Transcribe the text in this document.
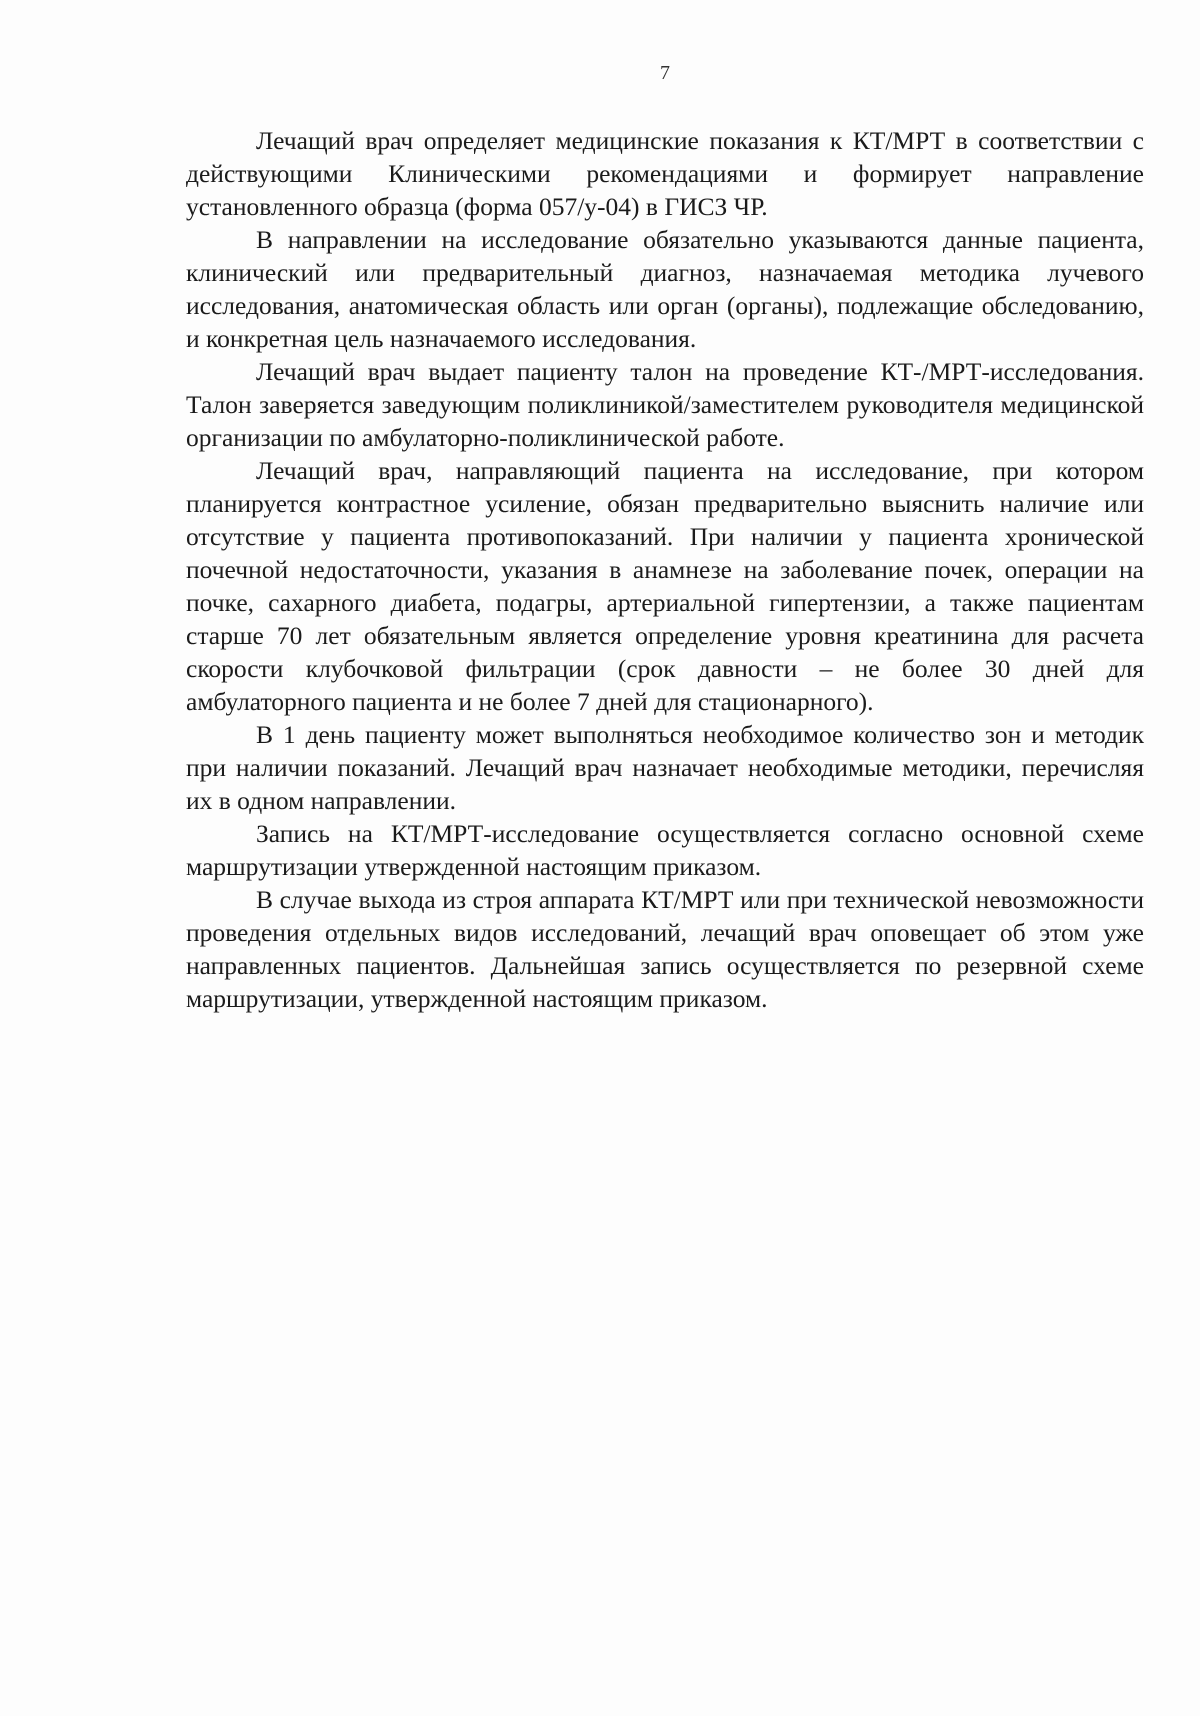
7

Лечащий врач определяет медицинские показания к КТ/МРТ в соответствии с действующими Клиническими рекомендациями и формирует направление установленного образца (форма 057/у-04) в ГИСЗ ЧР.

В направлении на исследование обязательно указываются данные пациента, клинический или предварительный диагноз, назначаемая методика лучевого исследования, анатомическая область или орган (органы), подлежащие обследованию, и конкретная цель назначаемого исследования.

Лечащий врач выдает пациенту талон на проведение КТ-/МРТ-исследования. Талон заверяется заведующим поликлиникой/заместителем руководителя медицинской организации по амбулаторно-поликлинической работе.

Лечащий врач, направляющий пациента на исследование, при котором планируется контрастное усиление, обязан предварительно выяснить наличие или отсутствие у пациента противопоказаний. При наличии у пациента хронической почечной недостаточности, указания в анамнезе на заболевание почек, операции на почке, сахарного диабета, подагры, артериальной гипертензии, а также пациентам старше 70 лет обязательным является определение уровня креатинина для расчета скорости клубочковой фильтрации (срок давности – не более 30 дней для амбулаторного пациента и не более 7 дней для стационарного).

В 1 день пациенту может выполняться необходимое количество зон и методик при наличии показаний. Лечащий врач назначает необходимые методики, перечисляя их в одном направлении.

Запись на КТ/МРТ-исследование осуществляется согласно основной схеме маршрутизации утвержденной настоящим приказом.

В случае выхода из строя аппарата КТ/МРТ или при технической невозможности проведения отдельных видов исследований, лечащий врач оповещает об этом уже направленных пациентов. Дальнейшая запись осуществляется по резервной схеме маршрутизации, утвержденной настоящим приказом.
